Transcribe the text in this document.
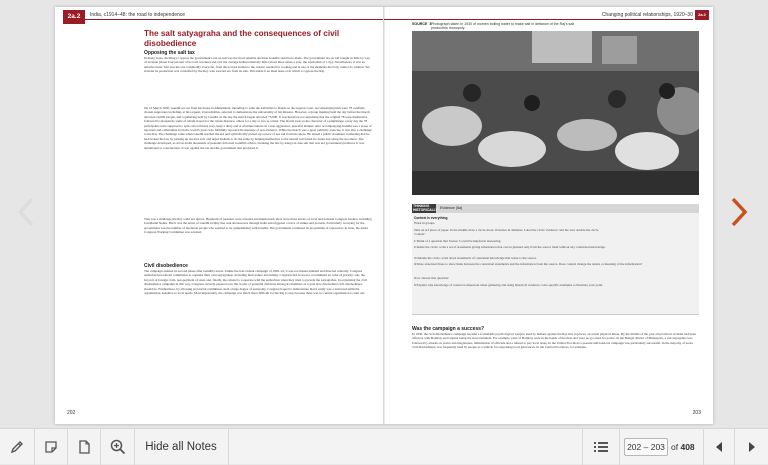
2a.2	India, c1914–48: the road to independence
The salt satyagraha and the consequences of civil
disobedience
Opposing the salt tax
In many ways, deciding to oppose the government's tax on salt was the most sensible decision Gandhi could have made. The government tax on salt bought in little by way of revenue (about four percent of its total revenue) and cost the average Indian relatively little (about three annas a year, the equivalent of 1.5p). Nevertheless, it was an emotive issue. Salt was the one commodity everyone, from the poorest Indian to the richest, needed for cooking and is one of the elements the body cannot do without. Yet in India its production was controlled by the Raj, who exacted tax from its sale. This made it an ideal issue over which to oppose the Raj.
On 12 March 1930, Gandhi set out from his house in Ahmedabad, intending to walk the 240 miles to Dandi on the Gujarat coast. Accompanying him were 78 carefully-chosen supporters including, at his request, Untouchables, selected to demonstrate the universality of his mission. However, a group meeting held the day before the march attracted 10,000 people, and a gathering held by Gandhi on the day the march began attracted 75,000. It was therefore not surprising that the original 78 were themselves followed by thousands; some of whom stayed for the whole distance, others for a day or two at a time. The march took on the character of a pilgrimage: every day the 78 participants were supposed to spin cotton thread, pray, keep a diary and at all times behave in a non-aggressive, peaceful manner. Also accompanying Gandhi was a posse of reporters and cameramen from the world's press who faithfully reported his message of non-violence. While the march was a great publicity exercise, it was also a challenge to the Raj. The challenge came when Gandhi reached the sea and symbolically picked up a piece of sea salt from the shore. He issued a public statement confessing that he had broken the law by picking up tax-free salt, and urged Indians to do the same by helping themselves to the natural salt found in creeks and along the sea-shore. The challenge developed, as across India thousands of peasants followed Gandhi's advice, breaking the law by using tax-free salt that was not government produced. It was tantamount to a declaration of war against the tax and the government that produced it.
This was a challenge the Raj could not ignore. Hundreds of peasants were arrested and imprisoned; there were mass arrests of local and national Congress leaders, including Jawaharlal Nehru. But it was the arrest of Gandhi in May that sent shockwaves through India and triggered a wave of strikes and protests. Particularly worrying for the government was the number of moderate people who seemed to be sympathising with Gandhi. The government continued its programme of repression: in June, the entire Congress Working Committee was arrested.
Civil disobedience
The campaign entered its second phase after Gandhi's arrest. Unlike the non-violent campaign of 1920–22, it was not master-minded and directed centrally. Congress authorised provincial committees to organise their own satyagrahas, including their nature and timing. Congress did, however, recommend an order of priority: salt, the boycott of foreign cloth, non-payment of taxes and, finally, the refusal to cooperate with the authorities when they tried to prevent the satyagrahas. In organising the civil disobedience campaign in this way, Congress cleverly papered over the cracks of potential divisions among its members as to just how disobedient civil disobedience should be. Furthermore, by allowing provincial committees such a huge degree of autonomy, Congress hoped to demonstrate that it really was a universal umbrella organisation, sensitive to local needs. Most importantly, the campaign was much more difficult for the Raj to stop because there was no central organisation to take out.
202
Changing political relationships, 1920–30	2a.2
SOURCE 3 Photograph taken in 1930 of women boiling water to make salt in defiance of the Raj's salt production monopoly.
THINKING HISTORICALLY
Evidence (5a)
Context is everything
Work in groups.
Take an A3 piece of paper. In the middle draw a circle about 10 inches in diameter. Label the circle 'evidence' and the area outside the circle 'context'.
1 Think of a question that Source 3 could be helpful in answering.
2 Inside the circle, write a set of statements giving information that can be gleaned only from the source itself without any contextual knowledge.
3 Outside the circle, write down statements of contextual knowledge that relate to the source.
4 Draw annotated lines to show links between the contextual statements and the information from the source. Does context change the nature or meaning of the information?
Now answer this question:
5 Explain why knowledge of context is important when gathering and using historical evidence. Give specific examples to illustrate your point.
Was the campaign a success?
In 1930, the civil disobedience campaign became a formidable psychological weapon used by Indians against the Raj and, in places, an actual physical threat. By the middle of the year all provinces in India had been affected, with Bombay and Gujarat being the most turbulent. For example, parts of Bombay were in the hands of the mob and were no-go areas for police. In the Bengal district of Midnapore, a salt satyagraha was followed by attacks on police and magistrates, intimidation of officials and a refusal to pay local taxes. In the United Provinces a peasant anti-land-tax campaign was particularly successful. In the majority of areas, civil disobedience was frequently used by people as a vehicle for expressing local grievances. In the Central Provinces, for example,
203
Hide all Notes	202 – 203 of 408
